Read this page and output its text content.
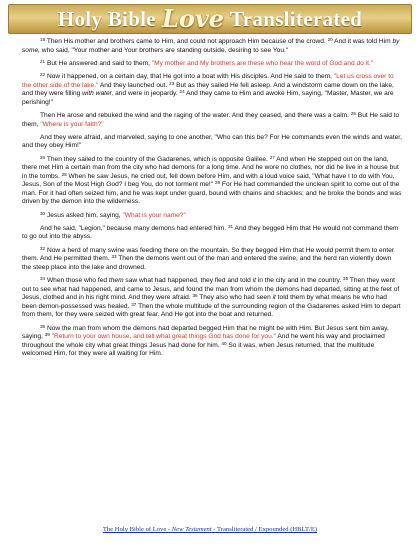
Holy Bible Love Transliterated

$^{19}$ Then His mother and brothers came to Him, and could not approach Him because of the crowd. $^{20}$ And it was told Him by some, who said, "Your mother and Your brothers are standing outside, desiring to see You."

$^{21}$ But He answered and said to them, "My mother and My brothers are these who hear the word of God and do it."

$^{22}$ Now it happened, on a certain day, that He got into a boat with His disciples. And He said to them, "Let us cross over to the other side of the lake." And they launched out. $^{23}$ But as they sailed He fell asleep. And a windstorm came down on the lake, and they were filling with water, and were in jeopardy. $^{24}$ And they came to Him and awoke Him, saying, "Master, Master, we are perishing!"

Then He arose and rebuked the wind and the raging of the water. And they ceased, and there was a calm. $^{25}$ But He said to them, "Where is your faith?"

And they were afraid, and marveled, saying to one another, "Who can this be? For He commands even the winds and water, and they obey Him!"

$^{26}$ Then they sailed to the country of the Gadarenes, which is opposite Galilee. $^{27}$ And when He stepped out on the land, there met Him a certain man from the city who had demons for a long time. And he wore no clothes, nor did he live in a house but in the tombs. $^{28}$ When he saw Jesus, he cried out, fell down before Him, and with a loud voice said, "What have I to do with You, Jesus, Son of the Most High God? I beg You, do not torment me!" $^{29}$ For He had commanded the unclean spirit to come out of the man. For it had often seized him, and he was kept under guard, bound with chains and shackles; and he broke the bonds and was driven by the demon into the wilderness.

$^{30}$ Jesus asked him, saying, "What is your name?"

And he said, "Legion," because many demons had entered him. $^{31}$ And they begged Him that He would not command them to go out into the abyss.

$^{32}$ Now a herd of many swine was feeding there on the mountain. So they begged Him that He would permit them to enter them. And He permitted them. $^{33}$ Then the demons went out of the man and entered the swine, and the herd ran violently down the steep place into the lake and drowned.

$^{34}$ When those who fed them saw what had happened, they fled and told it in the city and in the country. $^{35}$ Then they went out to see what had happened, and came to Jesus, and found the man from whom the demons had departed, sitting at the feet of Jesus, clothed and in his right mind. And they were afraid. $^{36}$ They also who had seen it told them by what means he who had been demon-possessed was healed. $^{37}$ Then the whole multitude of the surrounding region of the Gadarenes asked Him to depart from them, for they were seized with great fear. And He got into the boat and returned.

$^{38}$ Now the man from whom the demons had departed begged Him that he might be with Him. But Jesus sent him away, saying, $^{39}$ "Return to your own house, and tell what great things God has done for you." And he went his way and proclaimed throughout the whole city what great things Jesus had done for him. $^{40}$ So it was, when Jesus returned, that the multitude welcomed Him, for they were all waiting for Him.

The Holy Bible of Love - New Testament - Transliterated / Expounded (HBLT/E)
